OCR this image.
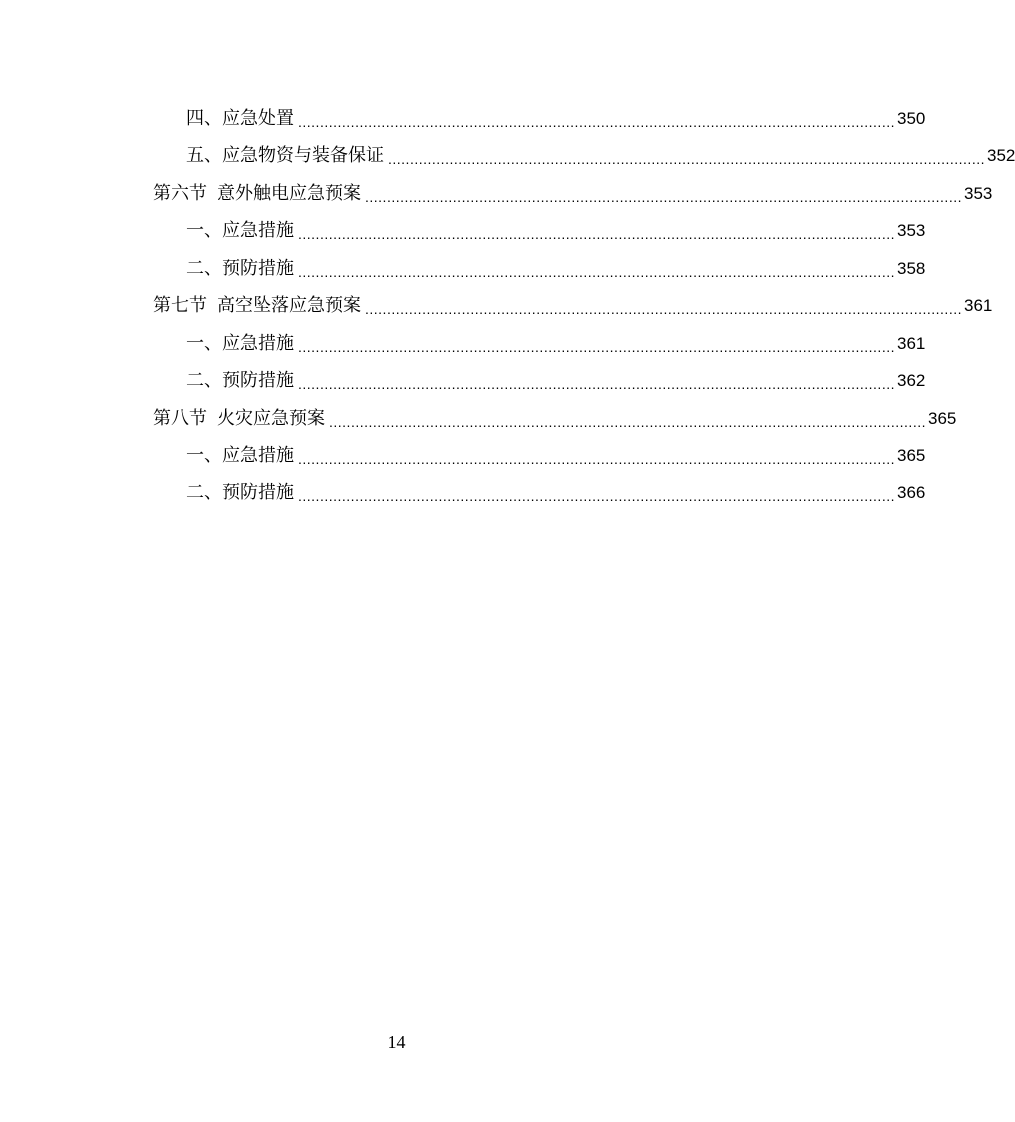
四、应急处置 ........................................................................................................................................ 350
五、应急物资与装备保证 ........................................................................................................................................ 352
第六节 意外触电应急预案 ........................................................................................................................................ 353
一、应急措施 ........................................................................................................................................ 353
二、预防措施 ........................................................................................................................................ 358
第七节 高空坠落应急预案 ........................................................................................................................................ 361
一、应急措施 ........................................................................................................................................ 361
二、预防措施 ........................................................................................................................................ 362
第八节 火灾应急预案 ........................................................................................................................................ 365
一、应急措施 ........................................................................................................................................ 365
二、预防措施 ........................................................................................................................................ 366
14
